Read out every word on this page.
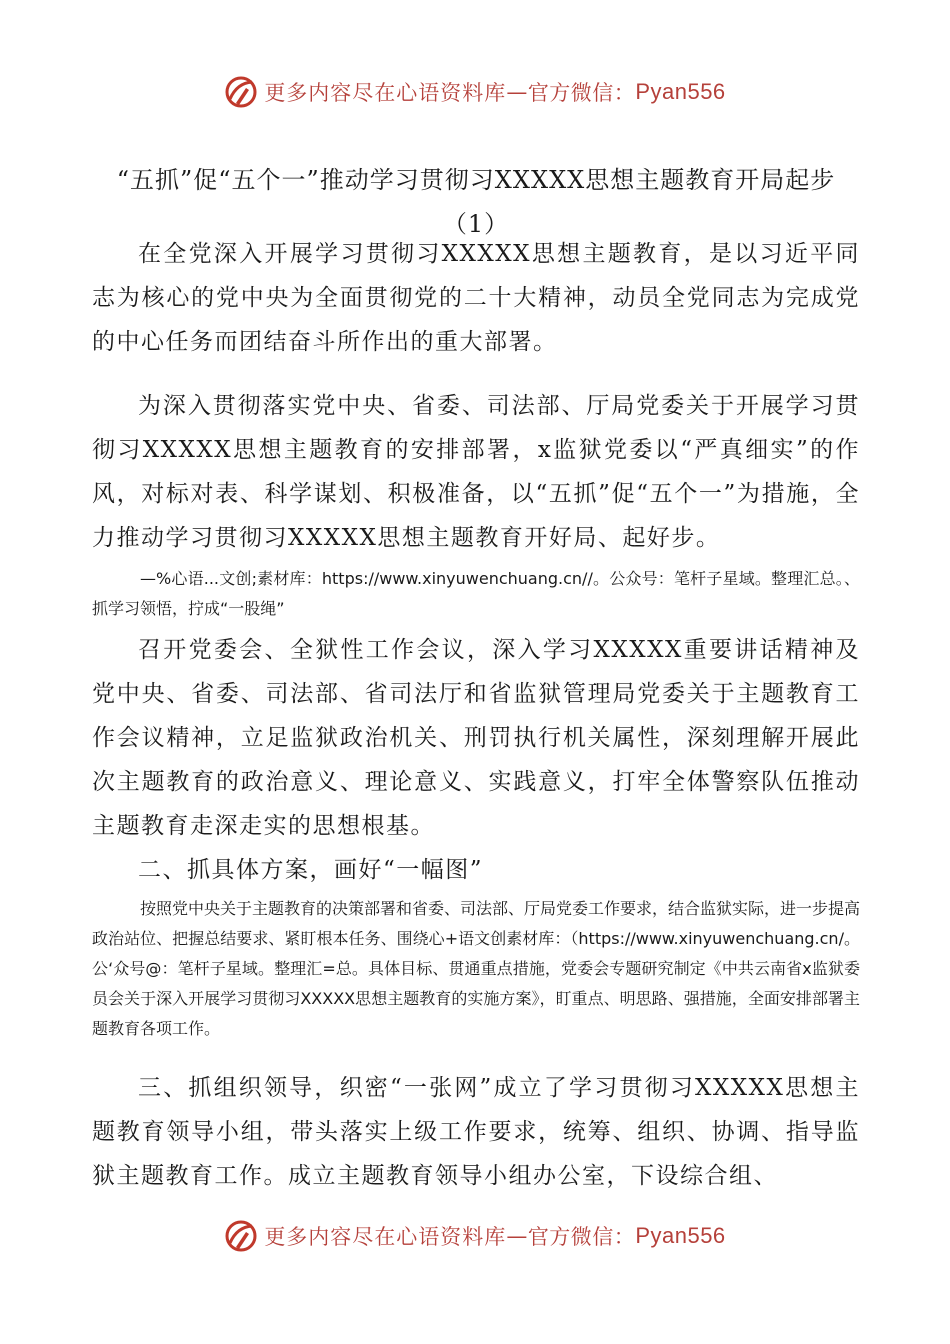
更多内容尽在心语资料库 — 官方微信： Pyan556
“五抓”促“五个一”推动学习贯彻习XXXXX思想主题教育开局起步
（1）

在全党深入开展学习贯彻习XXXXX思想主题教育，是以习近平同志为核心的党中央为全面贯彻党的二十大精神，动员全党同志为完成党的中心任务而团结奋斗所作出的重大部署。

为深入贯彻落实党中央、省委、司法部、厅局党委关于开展学习贯彻习XXXXX思想主题教育的安排部署，x监狱党委以“严真细实”的作风，对标对表、科学谋划、积极准备，以“五抓”促“五个一”为措施，全力推动学习贯彻习XXXXX思想主题教育开好局、起好步。

—%心语...文创;素材库：https://www.xinyuwenchuang.cn//。公众号：笔杆子星域。整理汇总。、抓学习领悟，拧成“一股绳”

召开党委会、全狱性工作会议，深入学习XXXXX重要讲话精神及党中央、省委、司法部、省司法厅和省监狱管理局党委关于主题教育工作会议精神，立足监狱政治机关、刑罚执行机关属性，深刻理解开展此次主题教育的政治意义、理论意义、实践意义，打牢全体警察队伍推动主题教育走深走实的思想根基。

二、抓具体方案，画好“一幅图”

按照党中央关于主题教育的决策部署和省委、司法部、厅局党委工作要求，结合监狱实际，进一步提高政治站位、把握总结要求、紧盯根本任务、围绕心+语文创素材库：（https://www.xinyuwenchuang.cn/。公‘众号@：笔杆子星域。整理汇=总。具体目标、贯通重点措施，党委会专题研究制定《中共云南省x监狱委员会关于深入开展学习贯彻习XXXXX思想主题教育的实施方案》，盯重点、明思路、强措施，全面安排部署主题教育各项工作。

三、抓组织领导，织密“一张网”成立了学习贯彻习XXXXX思想主题教育领导小组，带头落实上级工作要求，统筹、组织、协调、指导监狱主题教育工作。成立主题教育领导小组办公室，下设综合组、

更多内容尽在心语资料库 — 官方微信： Pyan556
